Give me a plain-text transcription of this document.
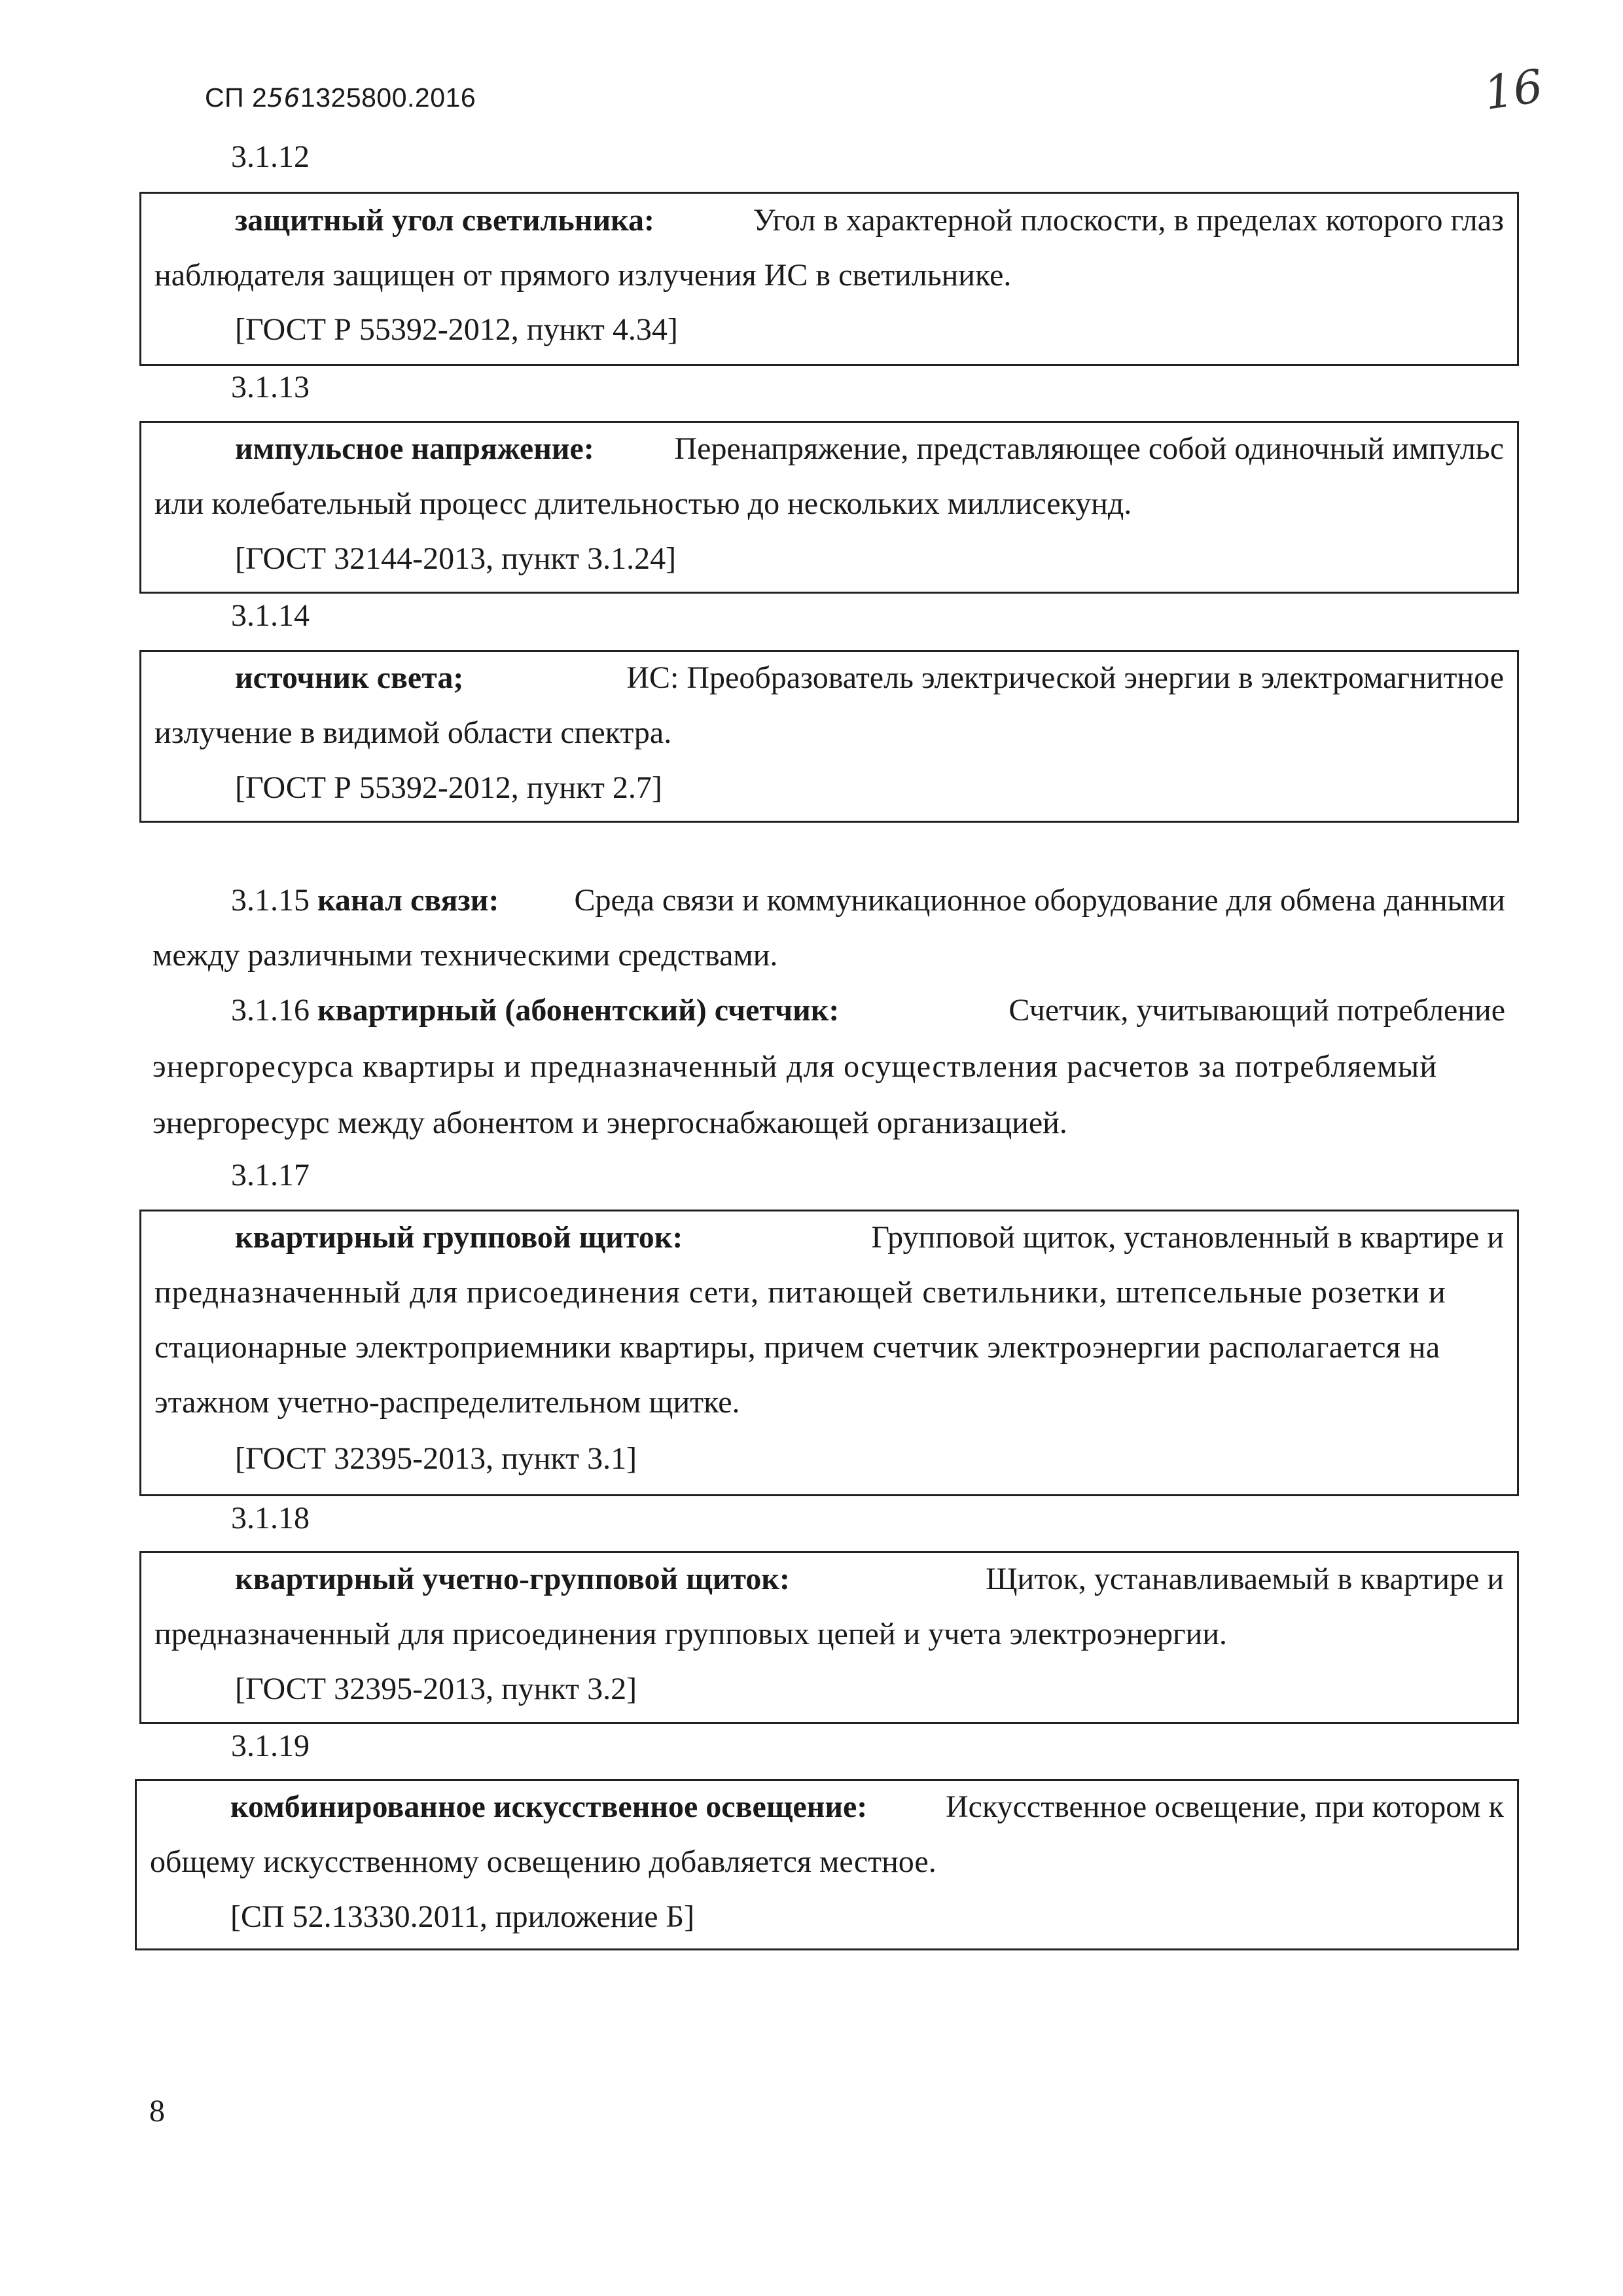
СП 2561325800.2016	16
3.1.12
защитный угол светильника:	Угол в характерной плоскости, в пределах которого глаз
наблюдателя защищен от прямого излучения ИС в светильнике.
[ГОСТ Р 55392-2012, пункт 4.34]
3.1.13
импульсное напряжение:	Перенапряжение, представляющее собой одиночный импульс
или колебательный процесс длительностью до нескольких миллисекунд.
[ГОСТ 32144-2013, пункт 3.1.24]
3.1.14
источник света;	ИС: Преобразователь электрической энергии в электромагнитное
излучение в видимой области спектра.
[ГОСТ Р 55392-2012, пункт 2.7]
3.1.15 канал связи: Среда связи и коммуникационное оборудование для обмена данными
между различными техническими средствами.
3.1.16 квартирный (абонентский) счетчик:	Счетчик, учитывающий потребление
энергоресурса квартиры и предназначенный для осуществления расчетов за потребляемый
энергоресурс между абонентом и энергоснабжающей организацией.
3.1.17
квартирный групповой щиток:	Групповой щиток, установленный в квартире и
предназначенный для присоединения сети, питающей светильники, штепсельные розетки и
стационарные электроприемники квартиры, причем счетчик электроэнергии располагается на
этажном учетно-распределительном щитке.
[ГОСТ 32395-2013, пункт 3.1]
3.1.18
квартирный учетно-групповой щиток:	Щиток, устанавливаемый в квартире и
предназначенный для присоединения групповых цепей и учета электроэнергии.
[ГОСТ 32395-2013, пункт 3.2]
3.1.19
комбинированное искусственное освещение: Искусственное освещение, при котором к
общему искусственному освещению добавляется местное.
[СП 52.13330.2011, приложение Б]
8
